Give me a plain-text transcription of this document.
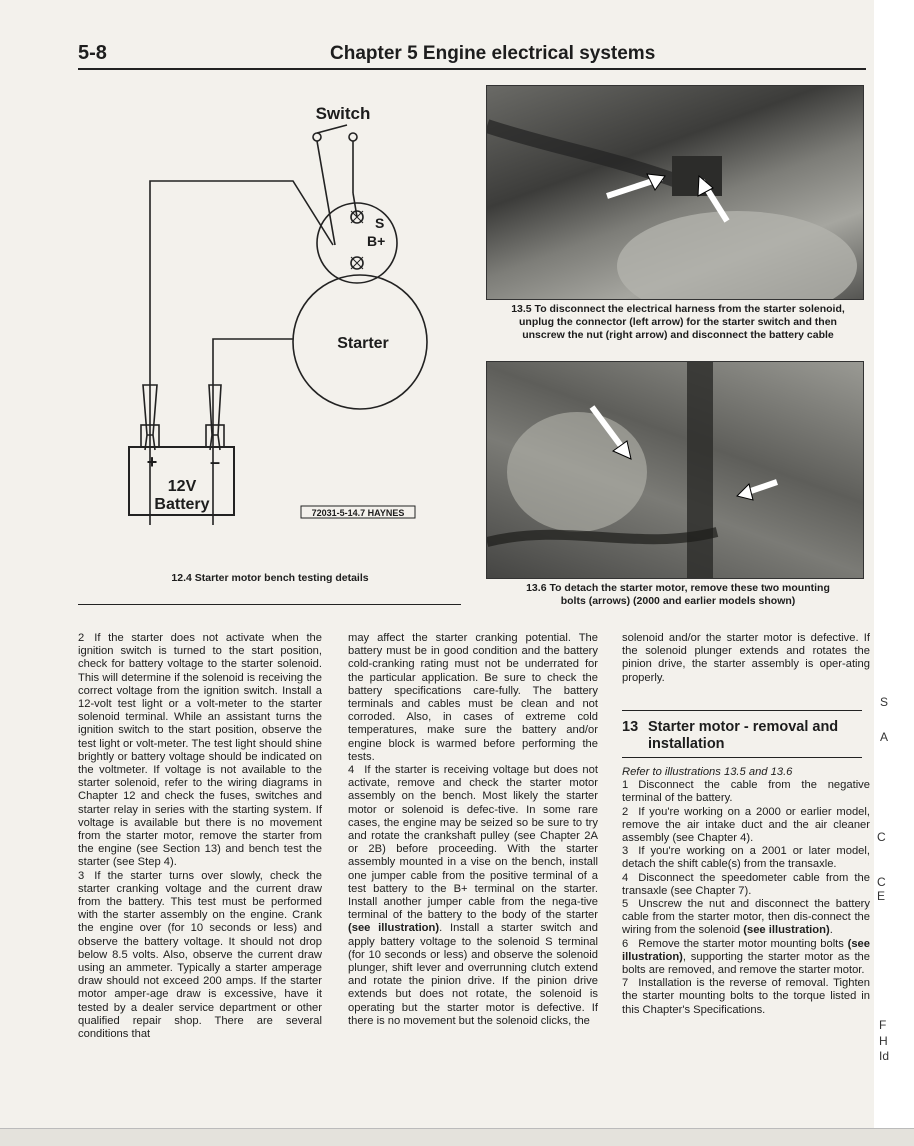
S
A
C
C
E
F
H
Id
5-8	Chapter 5 Engine electrical systems
Switch
S
B+
Starter
+	–
12V
Battery	72031-5-14.7 HAYNES
12.4 Starter motor bench testing details
13.5 To disconnect the electrical harness from the starter solenoid,
unplug the connector (left arrow) for the starter switch and then
unscrew the nut (right arrow) and disconnect the battery cable
13.6 To detach the starter motor, remove these two mounting
bolts (arrows) (2000 and earlier models shown)

2 If the starter does not activate when the ignition switch is turned to the start position, check for battery voltage to the starter solenoid. This will determine if the solenoid is receiving the correct voltage from the ignition switch. Install a 12-volt test light or a volt-meter to the starter solenoid terminal. While an assistant turns the ignition switch to the start position, observe the test light or volt-meter. The test light should shine brightly or battery voltage should be indicated on the voltmeter. If voltage is not available to the starter solenoid, refer to the wiring diagrams in Chapter 12 and check the fuses, switches and starter relay in series with the starting system. If voltage is available but there is no movement from the starter motor, remove the starter from the engine (see Section 13) and bench test the starter (see Step 4).

3 If the starter turns over slowly, check the starter cranking voltage and the current draw from the battery. This test must be performed with the starter assembly on the engine. Crank the engine over (for 10 seconds or less) and observe the battery voltage. It should not drop below 8.5 volts. Also, observe the current draw using an ammeter. Typically a starter amperage draw should not exceed 200 amps. If the starter motor amper-age draw is excessive, have it tested by a dealer service department or other qualified repair shop. There are several conditions that

may affect the starter cranking potential. The battery must be in good condition and the battery cold-cranking rating must not be underrated for the particular application. Be sure to check the battery specifications care-fully. The battery terminals and cables must be clean and not corroded. Also, in cases of extreme cold temperatures, make sure the battery and/or engine block is warmed before performing the tests.

4 If the starter is receiving voltage but does not activate, remove and check the starter motor assembly on the bench. Most likely the starter motor or solenoid is defec-tive. In some rare cases, the engine may be seized so be sure to try and rotate the crankshaft pulley (see Chapter 2A or 2B) before proceeding. With the starter assembly mounted in a vise on the bench, install one jumper cable from the positive terminal of a test battery to the B+ terminal on the starter. Install another jumper cable from the nega-tive terminal of the battery to the body of the starter (see illustration). Install a starter switch and apply battery voltage to the solenoid S terminal (for 10 seconds or less) and observe the solenoid plunger, shift lever and overrunning clutch extend and rotate the pinion drive. If the pinion drive extends but does not rotate, the solenoid is operating but the starter motor is defective. If there is no movement but the solenoid clicks, the

solenoid and/or the starter motor is defective. If the solenoid plunger extends and rotates the pinion drive, the starter assembly is oper-ating properly.

13 Starter motor - removal and
installation

Refer to illustrations 13.5 and 13.6

1 Disconnect the cable from the negative terminal of the battery.

2 If you're working on a 2000 or earlier model, remove the air intake duct and the air cleaner assembly (see Chapter 4).

3 If you're working on a 2001 or later model, detach the shift cable(s) from the transaxle.

4 Disconnect the speedometer cable from the transaxle (see Chapter 7).

5 Unscrew the nut and disconnect the battery cable from the starter motor, then dis-connect the wiring from the solenoid (see illustration).

6 Remove the starter motor mounting bolts (see illustration), supporting the starter motor as the bolts are removed, and remove the starter motor.

7 Installation is the reverse of removal. Tighten the starter mounting bolts to the torque listed in this Chapter's Specifications.
